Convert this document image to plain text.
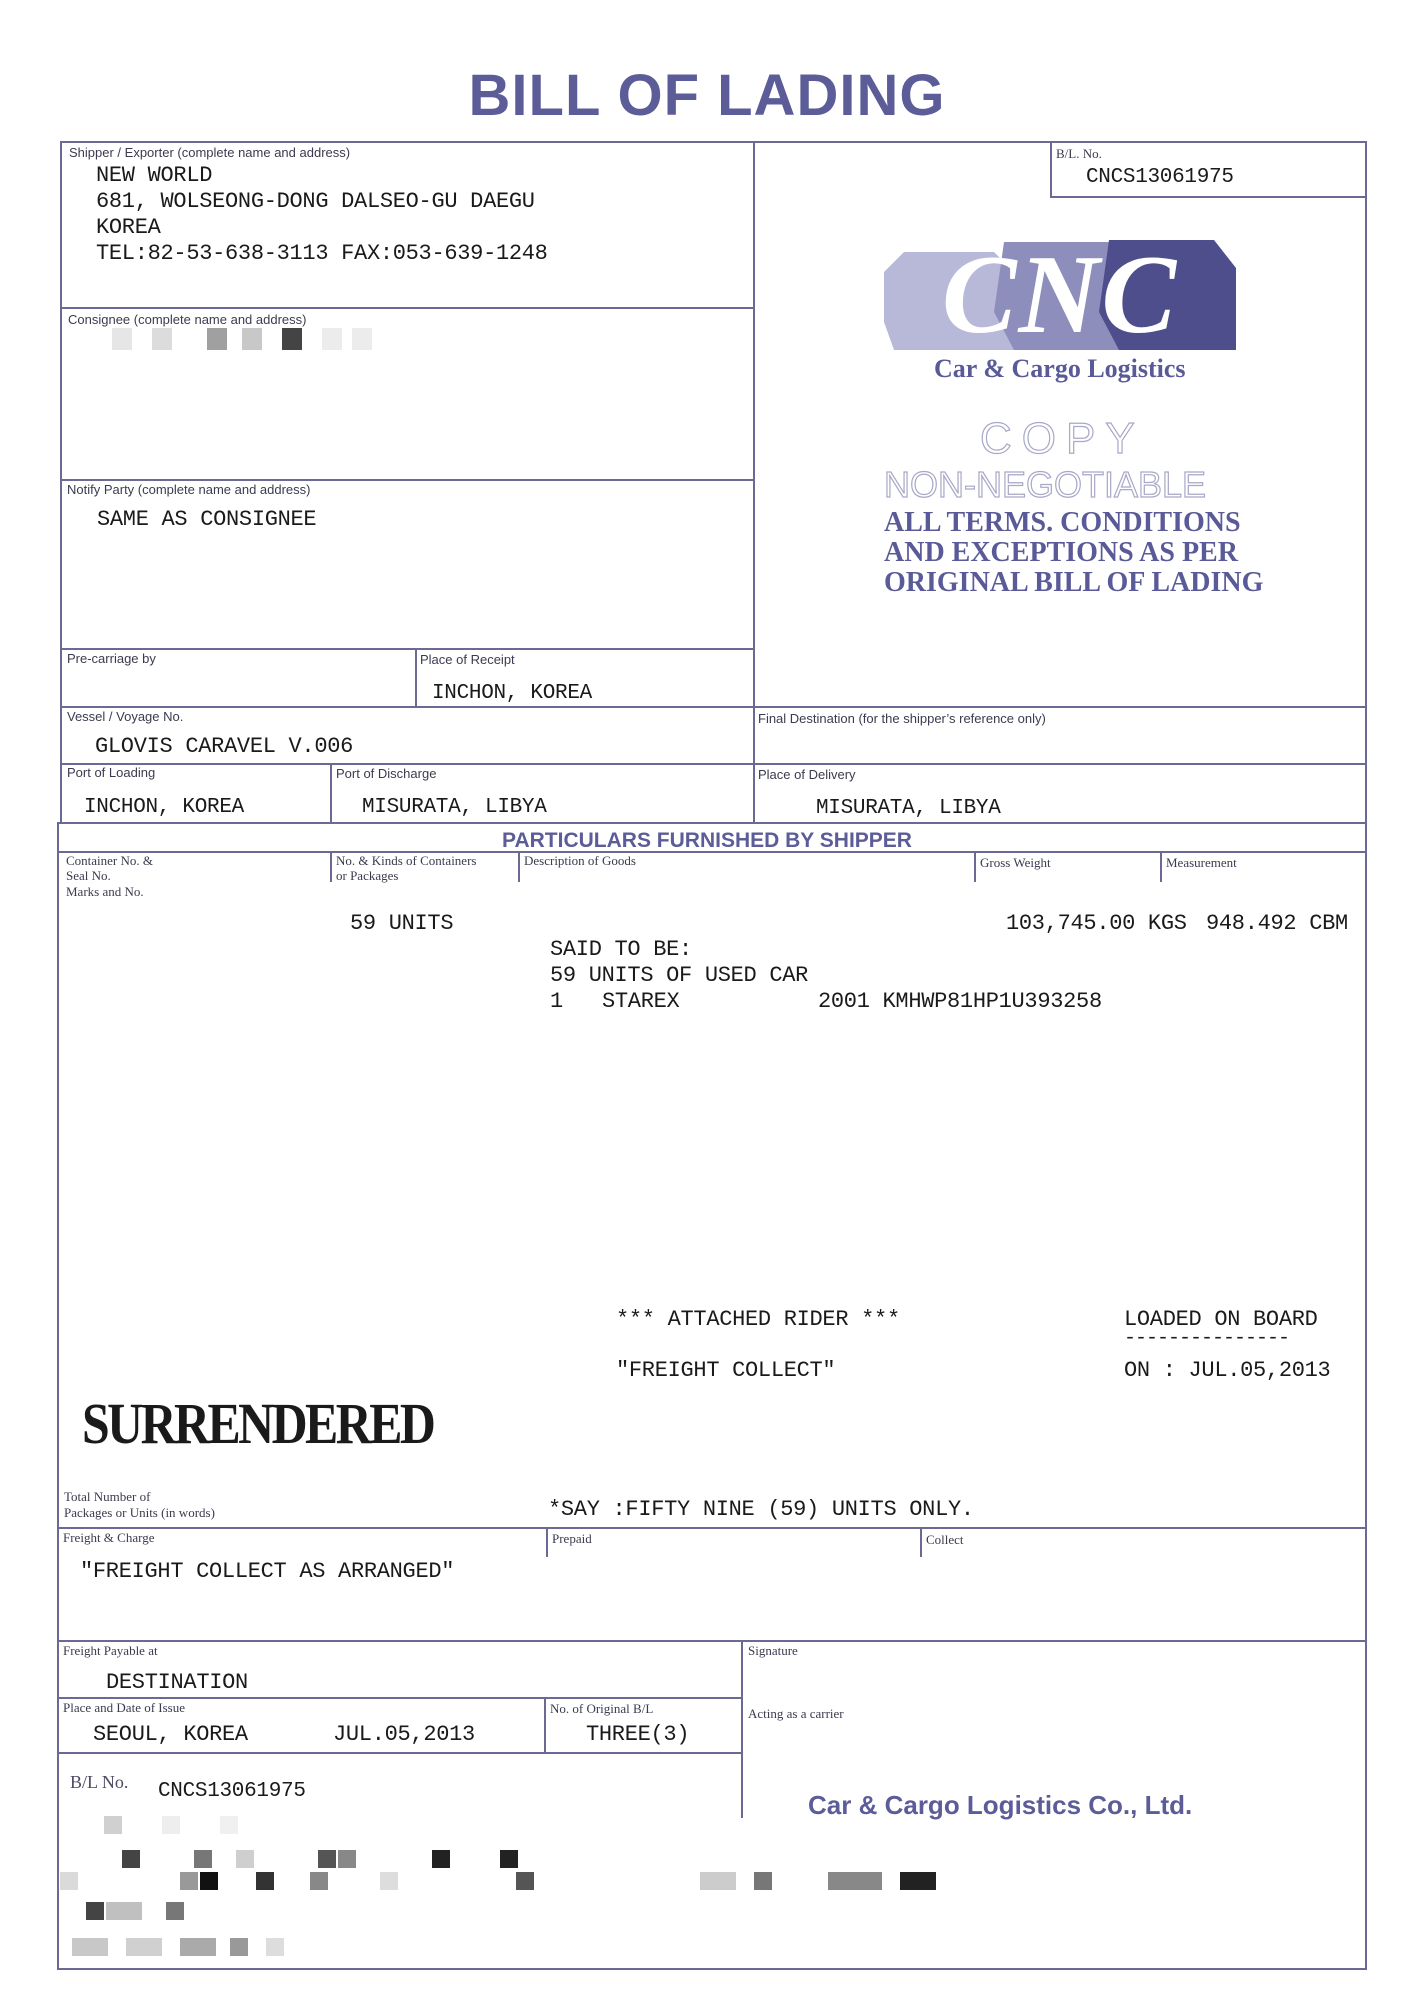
BILL OF LADING
Shipper / Exporter (complete name and address)
NEW WORLD
681, WOLSEONG-DONG DALSEO-GU DAEGU
KOREA
TEL:82-53-638-3113 FAX:053-639-1248
B/L. No.
CNCS13061975
Consignee (complete name and address)
Notify Party (complete name and address)
SAME AS CONSIGNEE
CNC
Car & Cargo Logistics
COPY
NON-NEGOTIABLE
ALL TERMS. CONDITIONS
AND EXCEPTIONS AS PER
ORIGINAL BILL OF LADING
Pre-carriage by	Place of Receipt
INCHON, KOREA
Vessel / Voyage No.
GLOVIS CARAVEL V.006
Final Destination (for the shipper’s reference only)
Port of Loading
INCHON, KOREA
Port of Discharge
MISURATA, LIBYA
Place of Delivery
MISURATA, LIBYA
PARTICULARS FURNISHED BY SHIPPER
Container No. &
Seal No.
Marks and No.
No. & Kinds of Containers
or Packages
Description of Goods	Gross Weight	Measurement
59 UNITS	103,745.00 KGS 948.492 CBM
SAID TO BE:
59 UNITS OF USED CAR
1 STAREX	2001 KMHWP81HP1U393258
*** ATTACHED RIDER ***
"FREIGHT COLLECT"
LOADED ON BOARD
---------------
ON : JUL.05,2013
SURRENDERED
Total Number of
Packages or Units (in words)	*SAY :FIFTY NINE (59) UNITS ONLY.
Freight & Charge	Prepaid	Collect
"FREIGHT COLLECT AS ARRANGED"
Freight Payable at
DESTINATION
Place and Date of Issue
SEOUL, KOREA	JUL.05,2013
No. of Original B/L
THREE(3)
Signature
Acting as a carrier
B/L No. CNCS13061975	Car & Cargo Logistics Co., Ltd.
